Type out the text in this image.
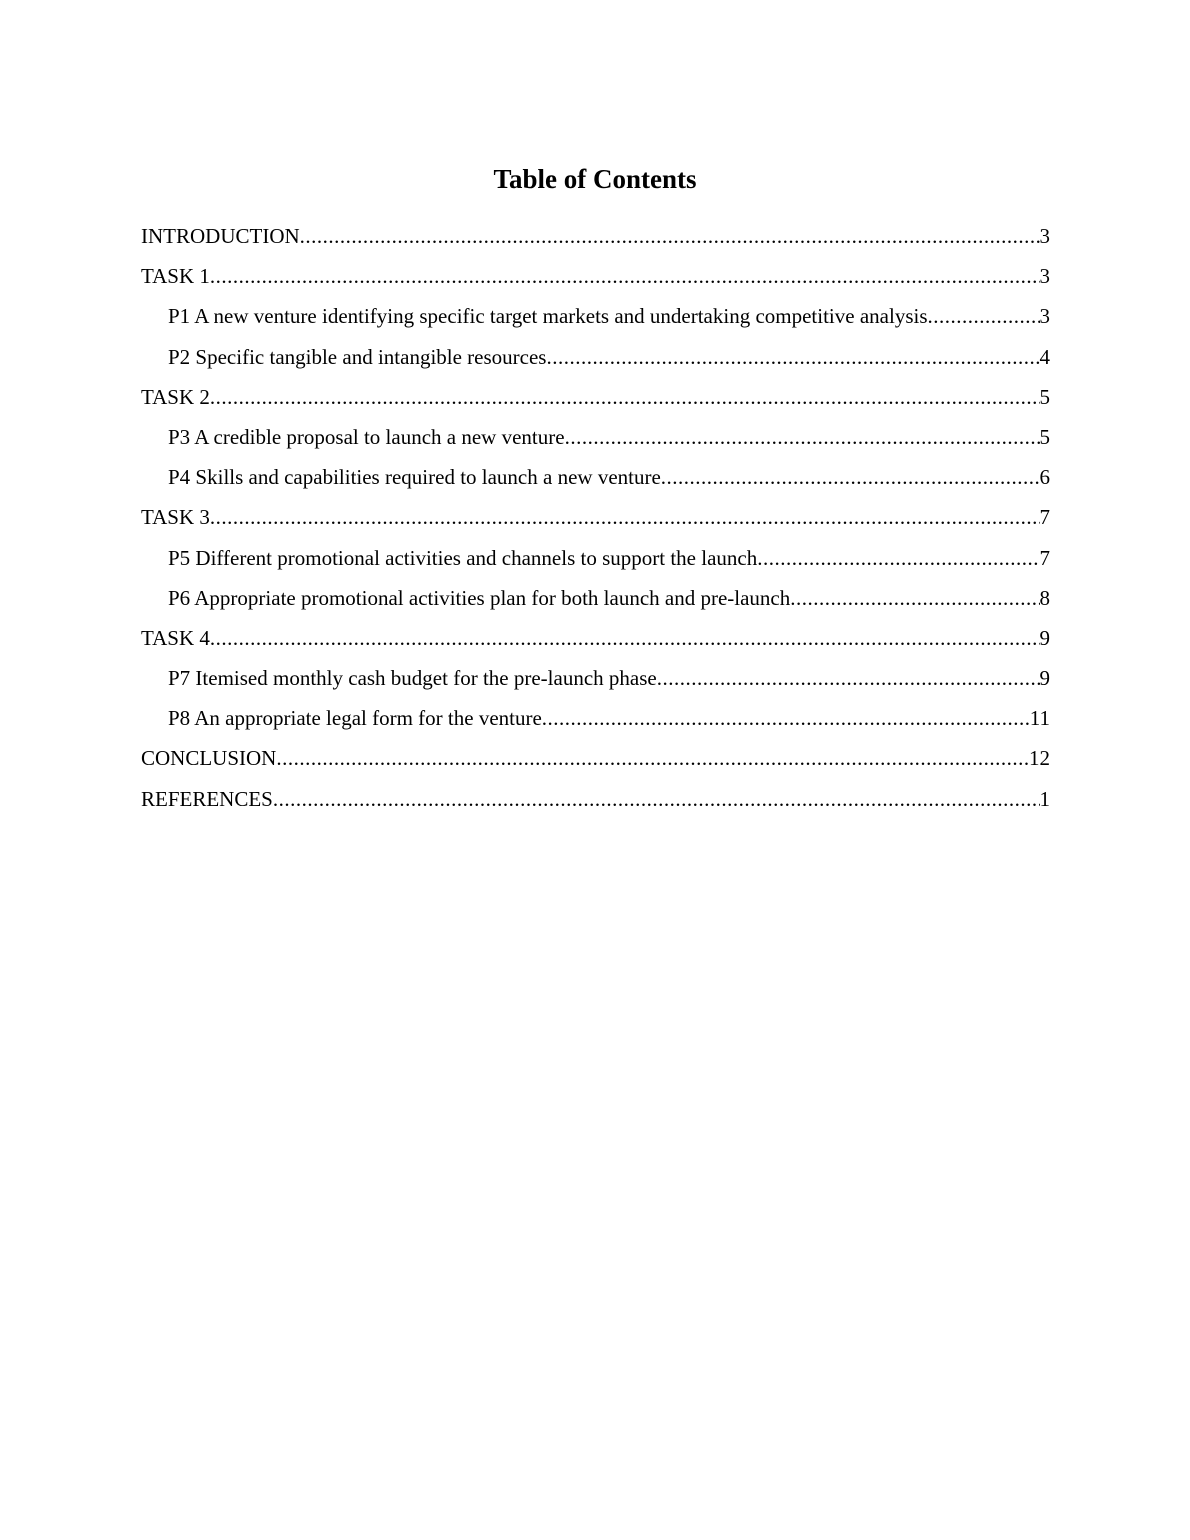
Table of Contents
INTRODUCTION .....	3
TASK 1 .....	3
P1 A new venture identifying specific target markets and undertaking competitive analysis .....	3
P2 Specific tangible and intangible resources .....	4
TASK 2 .....	5
P3 A credible proposal to launch a new venture .....	5
P4 Skills and capabilities required to launch a new venture .....	6
TASK 3 .....	7
P5 Different promotional activities and channels to support the launch .....	7
P6 Appropriate promotional activities plan for both launch and pre-launch .....	8
TASK 4 .....	9
P7 Itemised monthly cash budget for the pre-launch phase .....	9
P8 An appropriate legal form for the venture .....	11
CONCLUSION .....	12
REFERENCES .....	1
